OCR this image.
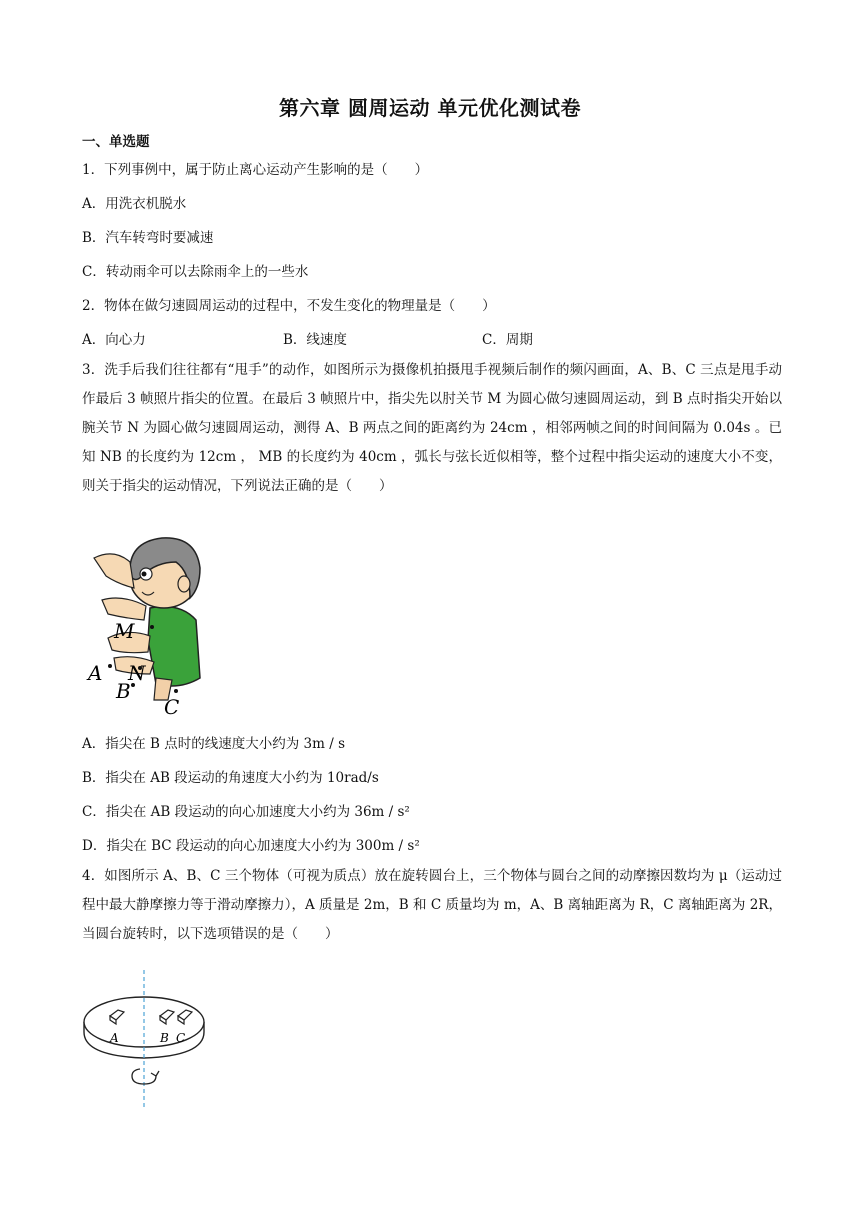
第六章 圆周运动 单元优化测试卷
一、单选题
1．下列事例中，属于防止离心运动产生影响的是（　　）
A．用洗衣机脱水
B．汽车转弯时要减速
C．转动雨伞可以去除雨伞上的一些水
2．物体在做匀速圆周运动的过程中，不发生变化的物理量是（　　）
A．向心力	B．线速度	C．周期
3．洗手后我们往往都有“甩手”的动作，如图所示为摄像机拍摄甩手视频后制作的频闪画面，A、B、C 三点是甩手动作最后 3 帧照片指尖的位置。在最后 3 帧照片中，指尖先以肘关节 M 为圆心做匀速圆周运动，到 B 点时指尖开始以腕关节 N 为圆心做匀速圆周运动，测得 A、B 两点之间的距离约为 24cm ，相邻两帧之间的时间间隔为 0.04s 。已知 NB 的长度约为 12cm ， MB 的长度约为 40cm ，弧长与弦长近似相等，整个过程中指尖运动的速度大小不变，则关于指尖的运动情况，下列说法正确的是（　　）
M
N
A
B
C
A．指尖在 B 点时的线速度大小约为 3m / s
B．指尖在 AB 段运动的角速度大小约为 10rad/s
C．指尖在 AB 段运动的向心加速度大小约为 36m / s²
D．指尖在 BC 段运动的向心加速度大小约为 300m / s²
4．如图所示 A、B、C 三个物体（可视为质点）放在旋转圆台上，三个物体与圆台之间的动摩擦因数均为 μ（运动过程中最大静摩擦力等于滑动摩擦力），A 质量是 2m，B 和 C 质量均为 m，A、B 离轴距离为 R，C 离轴距离为 2R，当圆台旋转时，以下选项错误的是（　　）
A	B C
